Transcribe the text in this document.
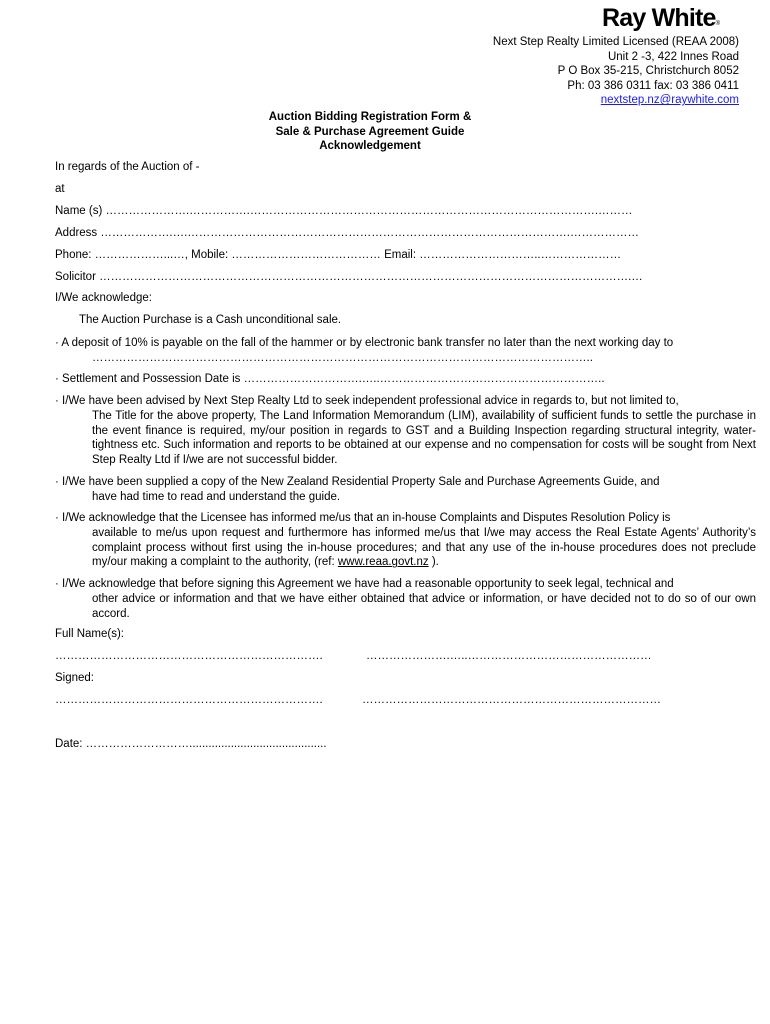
Ray White®
Next Step Realty Limited Licensed (REAA 2008)
Unit 2 -3, 422 Innes Road
P O Box 35-215, Christchurch 8052
Ph: 03 386 0311 fax: 03 386 0411
nextstep.nz@raywhite.com
Auction Bidding Registration Form &
Sale & Purchase Agreement Guide
Acknowledgement
In regards of the Auction of -
at
Name (s) ………………….…………….……………………………………………………………………………….………
Address ……………….….……………………………………………………………………………………….………………
Phone: ………………...…, Mobile: ………………………………… Email: …………………………..…………………
Solicitor ………………………………………………………………………………………………………………………….…
I/We acknowledge:
The Auction Purchase is a Cash unconditional sale.
· A deposit of 10% is payable on the fall of the hammer or by electronic bank transfer no later than the next working day to
…………………………………………………………………………………………………………………..
· Settlement and Possession Date is ………………………….…..…………………………………………………..
· I/We have been advised by Next Step Realty Ltd to seek independent professional advice in regards to, but not limited to,
The Title for the above property, The Land Information Memorandum (LIM), availability of sufficient funds to settle the purchase in the event finance is required, my/our position in regards to GST and a Building Inspection regarding structural integrity, water-tightness etc. Such information and reports to be obtained at our expense and no compensation for costs will be sought from Next Step Realty Ltd if I/we are not successful bidder.
· I/We have been supplied a copy of the New Zealand Residential Property Sale and Purchase Agreements Guide, and
have had time to read and understand the guide.
· I/We acknowledge that the Licensee has informed me/us that an in-house Complaints and Disputes Resolution Policy is
available to me/us upon request and furthermore has informed me/us that I/we may access the Real Estate Agents’ Authority’s complaint process without first using the in-house procedures; and that any use of the in-house procedures does not preclude my/our making a complaint to the authority, (ref: www.reaa.govt.nz ).
· I/We acknowledge that before signing this Agreement we have had a reasonable opportunity to seek legal, technical and
other advice or information and that we have either obtained that advice or information, or have decided not to do so of our own accord.
Full Name(s):
…………………………………………………………….	………………….…..…………………………………………
Signed:
…………………………………………………………….	……………………………………………………………………
Date: ………………………...........................................
